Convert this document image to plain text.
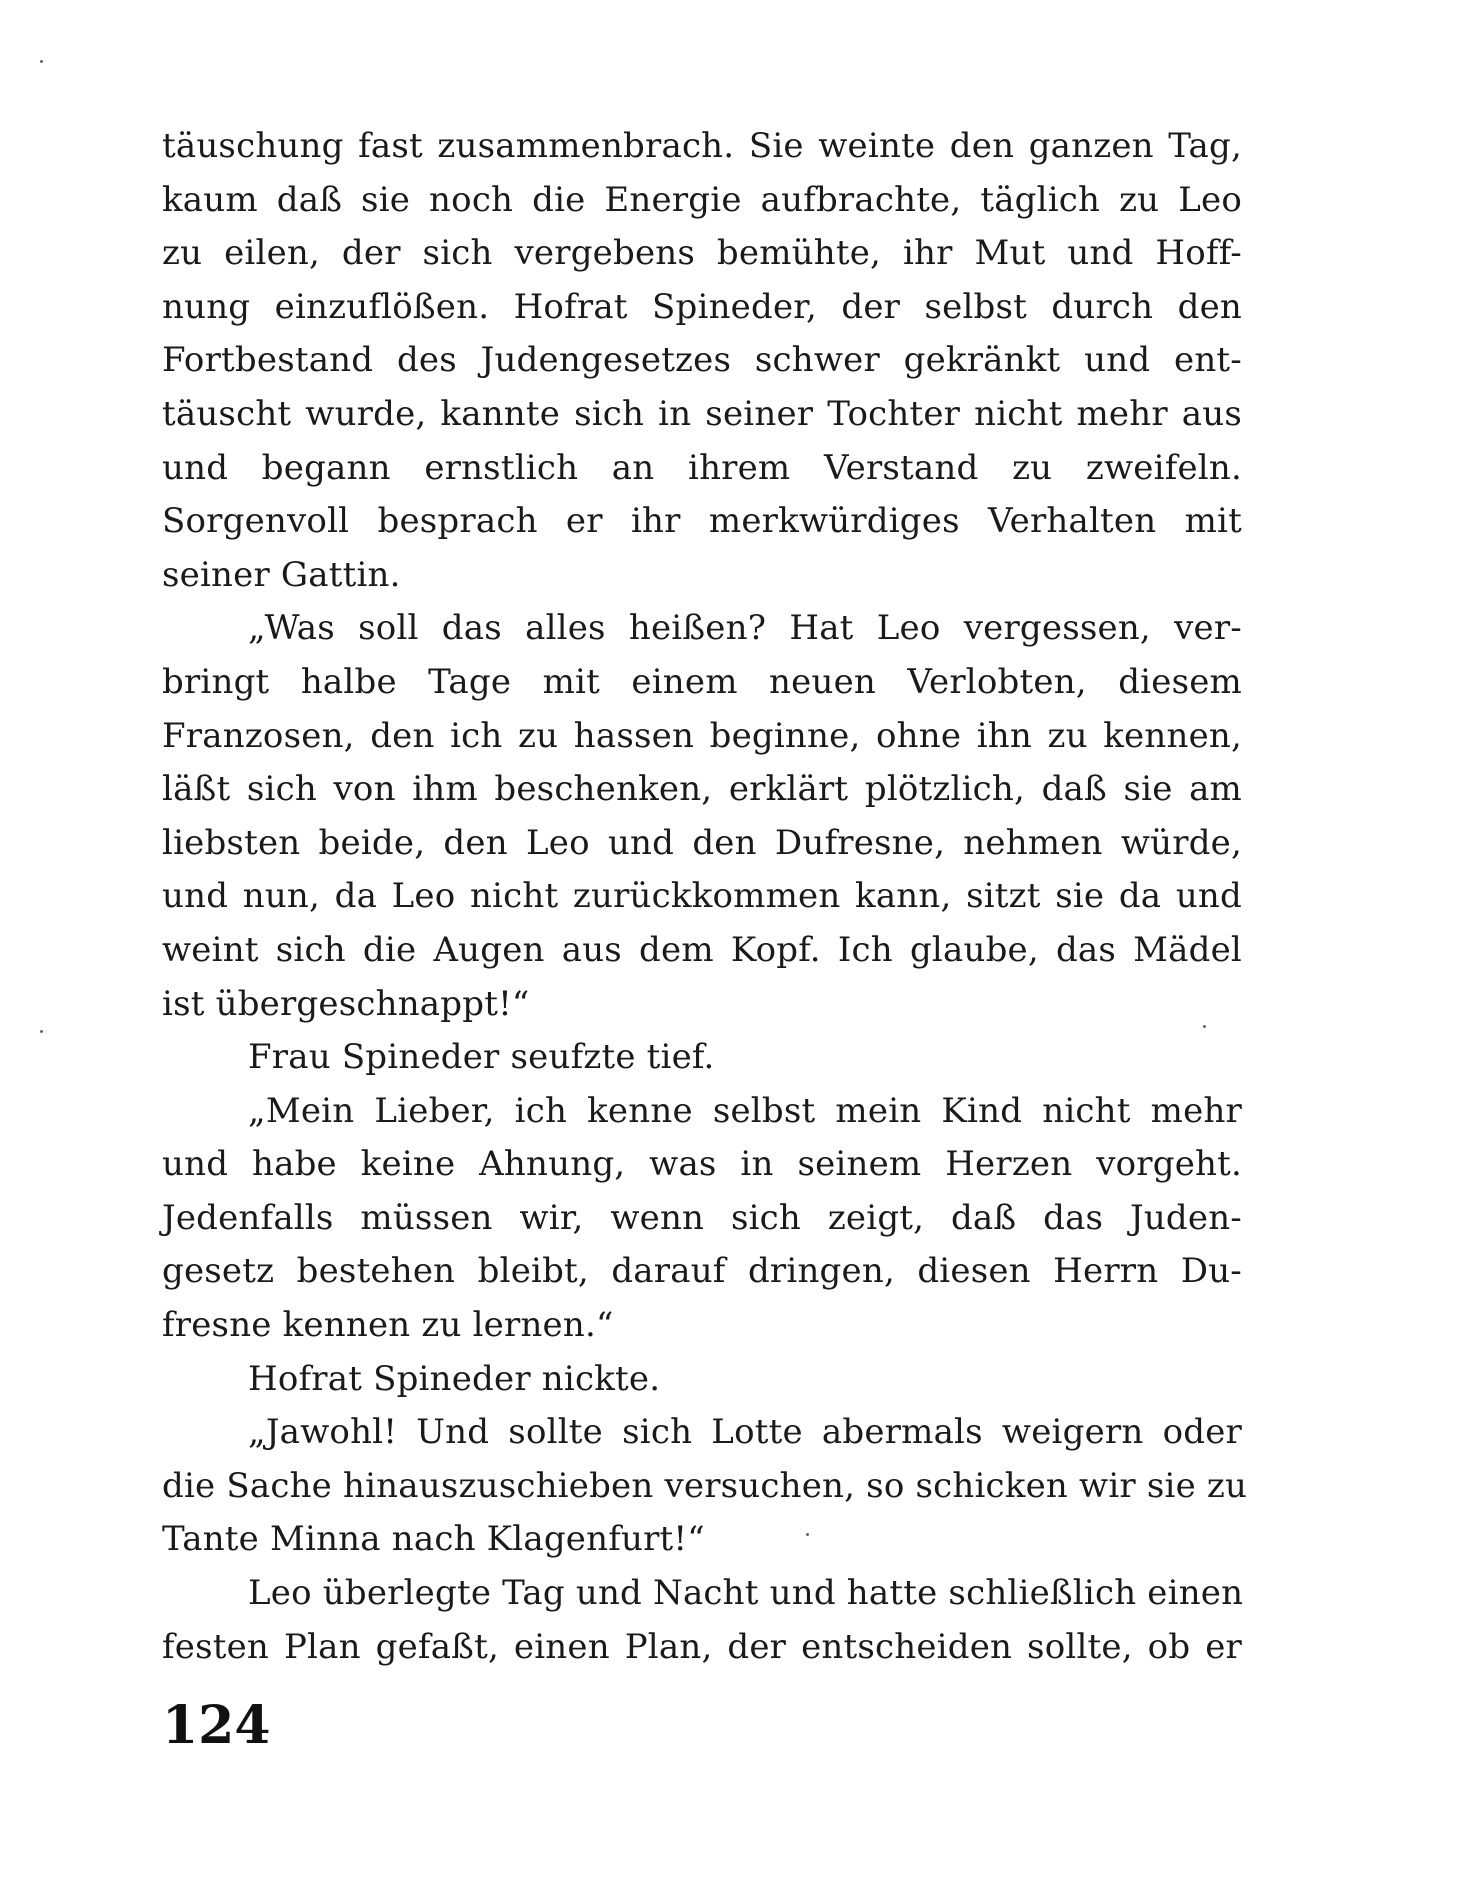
täuschung fast zusammenbrach. Sie weinte den ganzen Tag,
kaum daß sie noch die Energie aufbrachte, täglich zu Leo
zu eilen, der sich vergebens bemühte, ihr Mut und Hoff-
nung einzuflößen. Hofrat Spineder, der selbst durch den
Fortbestand des Judengesetzes schwer gekränkt und ent-
täuscht wurde, kannte sich in seiner Tochter nicht mehr aus
und begann ernstlich an ihrem Verstand zu zweifeln.
Sorgenvoll besprach er ihr merkwürdiges Verhalten mit
seiner Gattin.
„Was soll das alles heißen? Hat Leo vergessen, ver-
bringt halbe Tage mit einem neuen Verlobten, diesem
Franzosen, den ich zu hassen beginne, ohne ihn zu kennen,
läßt sich von ihm beschenken, erklärt plötzlich, daß sie am
liebsten beide, den Leo und den Dufresne, nehmen würde,
und nun, da Leo nicht zurückkommen kann, sitzt sie da und
weint sich die Augen aus dem Kopf. Ich glaube, das Mädel
ist übergeschnappt!“
Frau Spineder seufzte tief.
„Mein Lieber, ich kenne selbst mein Kind nicht mehr
und habe keine Ahnung, was in seinem Herzen vorgeht.
Jedenfalls müssen wir, wenn sich zeigt, daß das Juden-
gesetz bestehen bleibt, darauf dringen, diesen Herrn Du-
fresne kennen zu lernen.“
Hofrat Spineder nickte.
„Jawohl! Und sollte sich Lotte abermals weigern oder
die Sache hinauszuschieben versuchen, so schicken wir sie zu
Tante Minna nach Klagenfurt!“
Leo überlegte Tag und Nacht und hatte schließlich einen
festen Plan gefaßt, einen Plan, der entscheiden sollte, ob er
124
